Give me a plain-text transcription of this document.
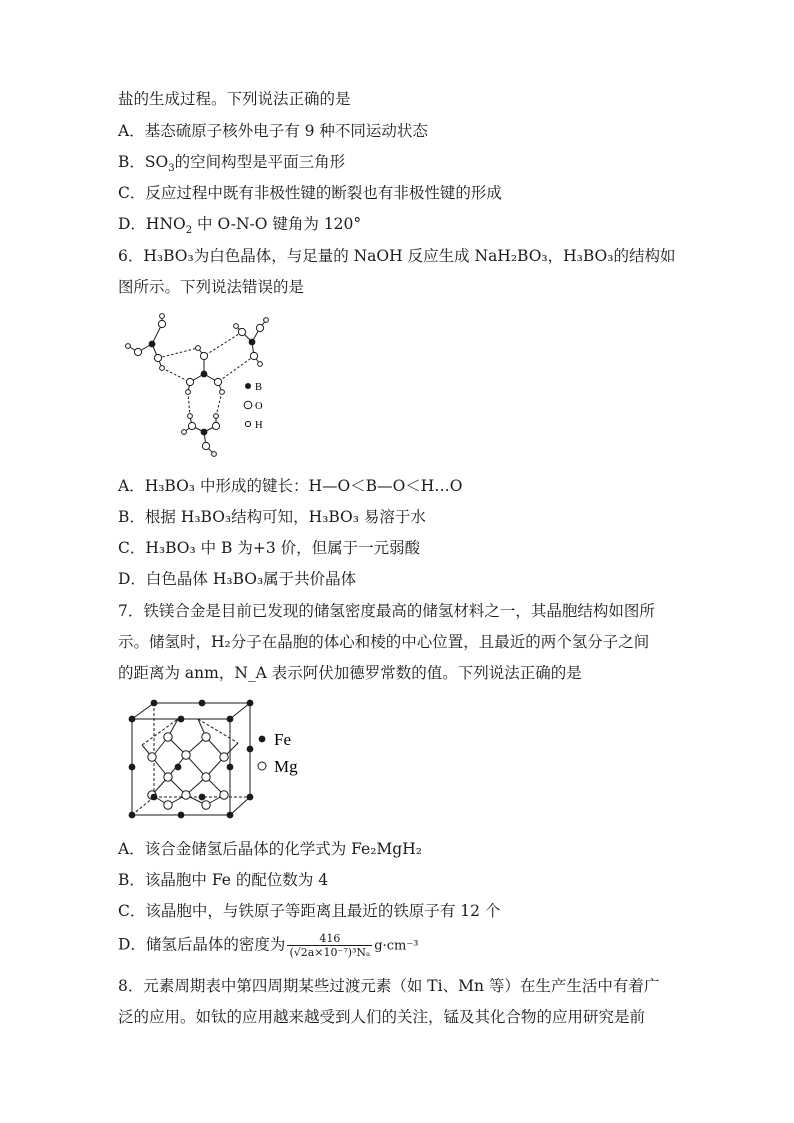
盐的生成过程。下列说法正确的是
A．基态硫原子核外电子有 9 种不同运动状态
B．$SO_3$的空间构型是平面三角形
C．反应过程中既有非极性键的断裂也有非极性键的形成
D．$HNO_2$ 中 O-N-O 键角为 120°
6．H₃BO₃为白色晶体，与足量的 NaOH 反应生成 NaH₂BO₃，H₃BO₃的结构如
图所示。下列说法错误的是
B
O
H
A．H₃BO₃ 中形成的键长：H—O＜B—O＜H…O
B．根据 H₃BO₃结构可知，H₃BO₃ 易溶于水
C．H₃BO₃ 中 B 为+3 价，但属于一元弱酸
D．白色晶体 H₃BO₃属于共价晶体
7．铁镁合金是目前已发现的储氢密度最高的储氢材料之一，其晶胞结构如图所
示。储氢时，H₂分子在晶胞的体心和棱的中心位置，且最近的两个氢分子之间
的距离为 anm，N_A 表示阿伏加德罗常数的值。下列说法正确的是
Fe
Mg
A．该合金储氢后晶体的化学式为 Fe₂MgH₂
B．该晶胞中 Fe 的配位数为 4
C．该晶胞中，与铁原子等距离且最近的铁原子有 12 个
D．储氢后晶体的密度为 $\frac{416}{\text{(√2a×10⁻⁷)³Nₐ}} g\cdot cm^{-3}$
8．元素周期表中第四周期某些过渡元素（如 Ti、Mn 等）在生产生活中有着广
泛的应用。如钛的应用越来越受到人们的关注，锰及其化合物的应用研究是前
